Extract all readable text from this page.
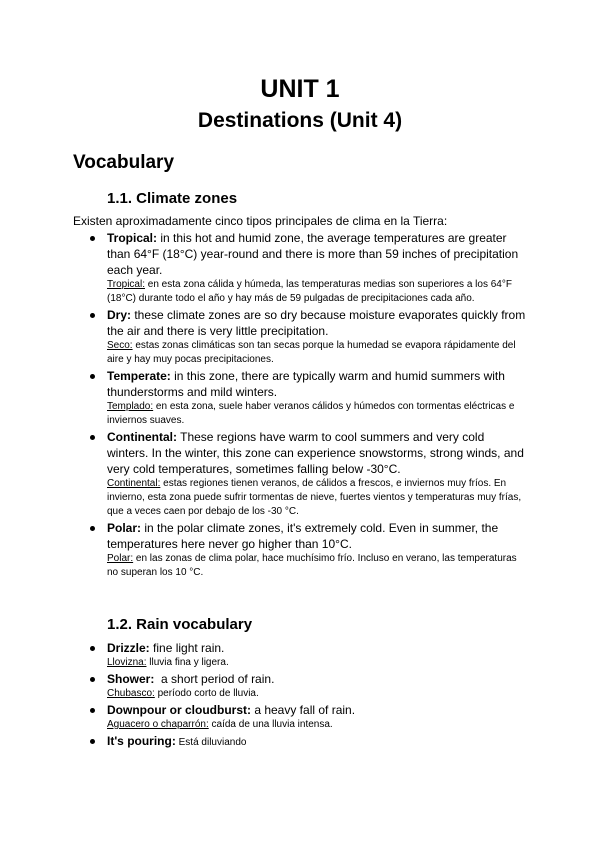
UNIT 1
Destinations (Unit 4)
Vocabulary
1.1. Climate zones
Existen aproximadamente cinco tipos principales de clima en la Tierra:
Tropical: in this hot and humid zone, the average temperatures are greater than 64°F (18°C) year-round and there is more than 59 inches of precipitation each year.
Tropical: en esta zona cálida y húmeda, las temperaturas medias son superiores a los 64°F (18°C) durante todo el año y hay más de 59 pulgadas de precipitaciones cada año.
Dry: these climate zones are so dry because moisture evaporates quickly from the air and there is very little precipitation.
Seco: estas zonas climáticas son tan secas porque la humedad se evapora rápidamente del aire y hay muy pocas precipitaciones.
Temperate: in this zone, there are typically warm and humid summers with thunderstorms and mild winters.
Templado: en esta zona, suele haber veranos cálidos y húmedos con tormentas eléctricas e inviernos suaves.
Continental: These regions have warm to cool summers and very cold winters. In the winter, this zone can experience snowstorms, strong winds, and very cold temperatures, sometimes falling below -30°C.
Continental: estas regiones tienen veranos, de cálidos a frescos, e inviernos muy fríos. En invierno, esta zona puede sufrir tormentas de nieve, fuertes vientos y temperaturas muy frías, que a veces caen por debajo de los -30 °C.
Polar: in the polar climate zones, it's extremely cold. Even in summer, the temperatures here never go higher than 10°C.
Polar: en las zonas de clima polar, hace muchísimo frío. Incluso en verano, las temperaturas no superan los 10 °C.
1.2. Rain vocabulary
Drizzle: fine light rain.
Llovizna: lluvia fina y ligera.
Shower:  a short period of rain.
Chubasco: período corto de lluvia.
Downpour or cloudburst: a heavy fall of rain.
Aguacero o chaparrón: caída de una lluvia intensa.
It's pouring: Está diluviando
